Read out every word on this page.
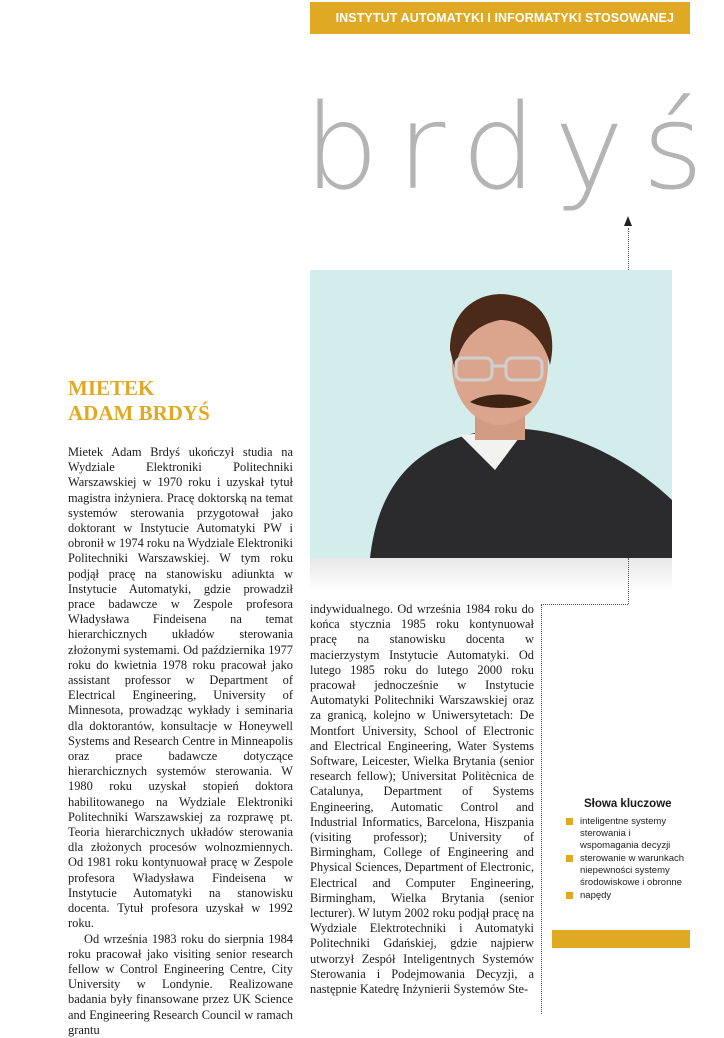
INSTYTUT AUTOMATYKI I INFORMATYKI STOSOWANEJ
brdyś
MIETEK
ADAM BRDYŚ

Mietek Adam Brdyś ukończył studia na Wydziale Elektroniki Politechniki Warszawskiej w 1970 roku i uzyskał tytuł magistra inżyniera. Pracę doktorską na temat systemów sterowania przygotował jako doktorant w Instytucie Automatyki PW i obronił w 1974 roku na Wydziale Elektroniki Politechniki Warszawskiej. W tym roku podjął pracę na stanowisku adiunkta w Instytucie Automatyki, gdzie prowadził prace badawcze w Zespole profesora Władysława Findeisena na temat hierarchicznych układów sterowania złożonymi systemami. Od października 1977 roku do kwietnia 1978 roku pracował jako assistant professor w Department of Electrical Engineering, University of Minnesota, prowadząc wykłady i seminaria dla doktorantów, konsultacje w Honeywell Systems and Research Centre in Minneapolis oraz prace badawcze dotyczące hierarchicznych systemów sterowania. W 1980 roku uzyskał stopień doktora habilitowanego na Wydziale Elektroniki Politechniki Warszawskiej za rozprawę pt. Teoria hierarchicznych układów sterowania dla złożonych procesów wolnozmiennych. Od 1981 roku kontynuował pracę w Zespole profesora Władysława Findeisena w Instytucie Automatyki na stanowisku docenta. Tytuł profesora uzyskał w 1992 roku.

Od września 1983 roku do sierpnia 1984 roku pracował jako visiting senior research fellow w Control Engineering Centre, City University w Londynie. Realizowane badania były finansowane przez UK Science and Engineering Research Council w ramach grantu

indywidualnego. Od września 1984 roku do końca stycznia 1985 roku kontynuował pracę na stanowisku docenta w macierzystym Instytucie Automatyki. Od lutego 1985 roku do lutego 2000 roku pracował jednocześnie w Instytucie Automatyki Politechniki Warszawskiej oraz za granicą, kolejno w Uniwersytetach: De Montfort University, School of Electronic and Electrical Engineering, Water Systems Software, Leicester, Wielka Brytania (senior research fellow); Universitat Politècnica de Catalunya, Department of Systems Engineering, Automatic Control and Industrial Informatics, Barcelona, Hiszpania (visiting professor); University of Birmingham, College of Engineering and Physical Sciences, Department of Electronic, Electrical and Computer Engineering, Birmingham, Wielka Brytania (senior lecturer). W lutym 2002 roku podjął pracę na Wydziale Elektrotechniki i Automatyki Politechniki Gdańskiej, gdzie najpierw utworzył Zespół Inteligentnych Systemów Sterowania i Podejmowania Decyzji, a następnie Katedrę Inżynierii Systemów Ste-

Słowa kluczowe
inteligentne systemy sterowania i wspomagania decyzji
sterowanie w warunkach niepewności systemy środowiskowe i obronne
napędy
